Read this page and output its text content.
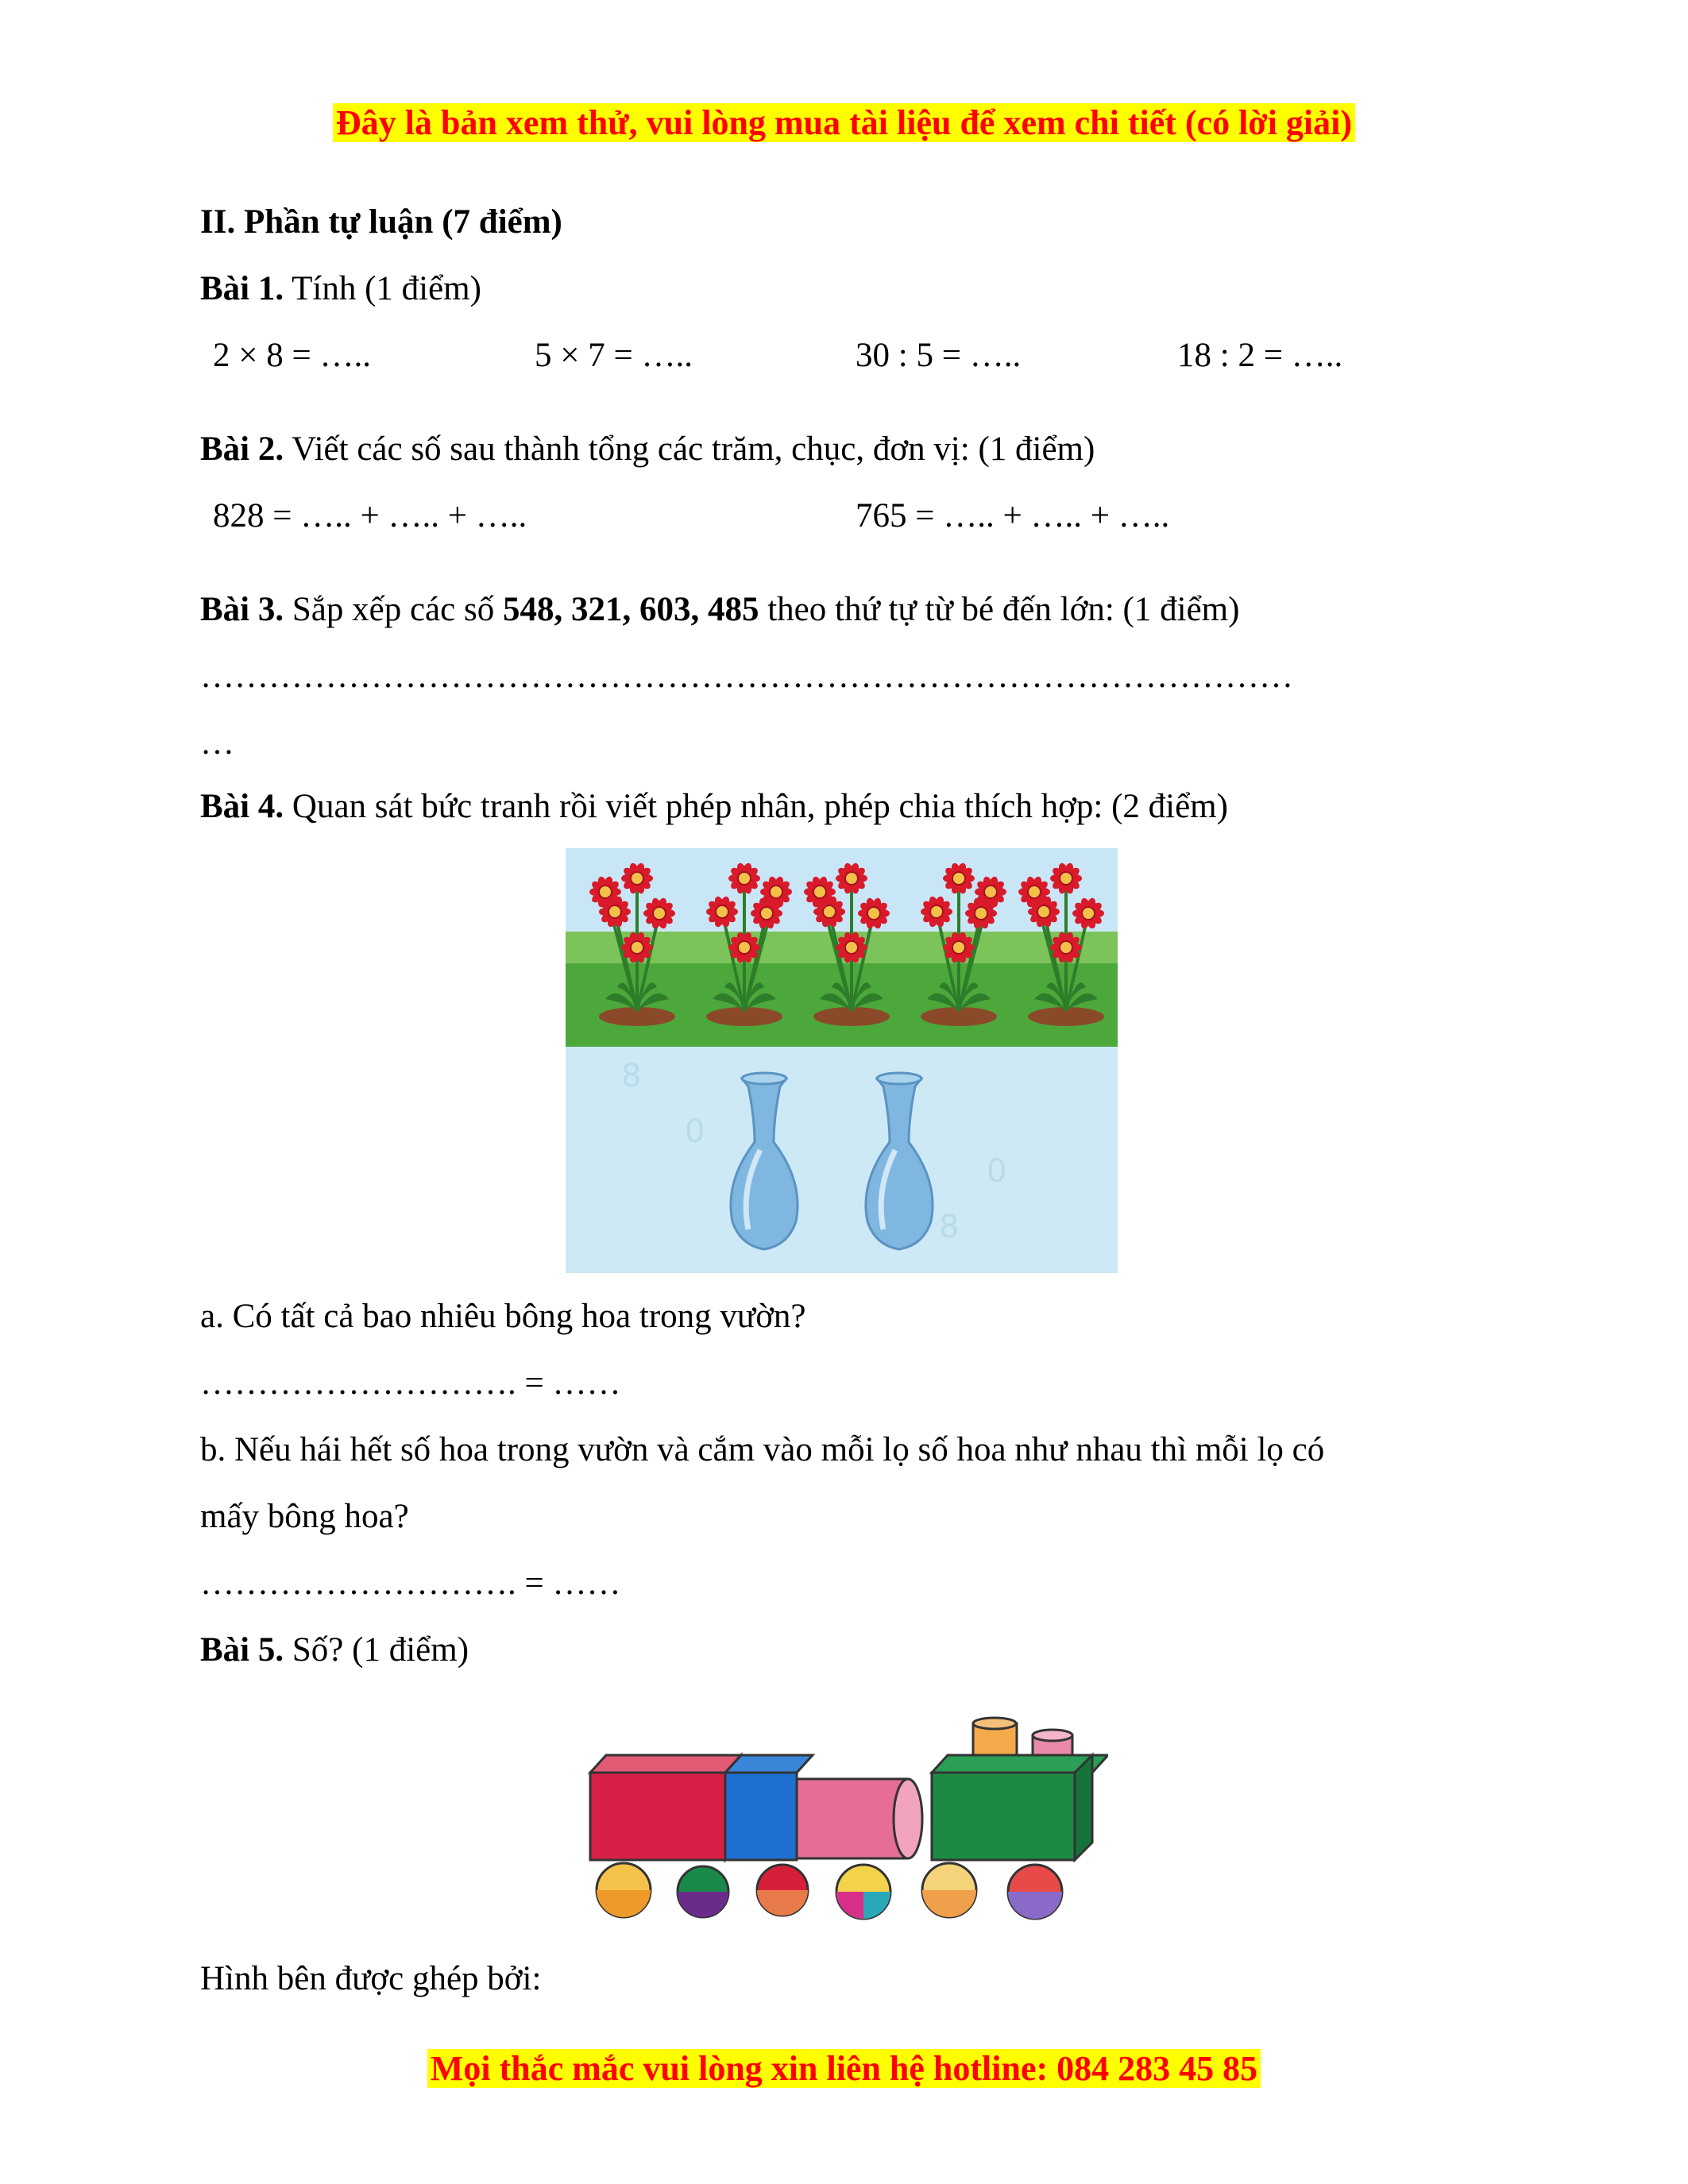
Đây là bản xem thử, vui lòng mua tài liệu để xem chi tiết (có lời giải)
II. Phần tự luận (7 điểm)
Bài 1. Tính (1 điểm)
2 × 8 = …..	5 × 7 = …..	30 : 5 = …..	18 : 2 = …..
Bài 2. Viết các số sau thành tổng các trăm, chục, đơn vị: (1 điểm)
828 = ….. + ….. + …..	765 = ….. + ….. + …..
Bài 3. Sắp xếp các số 548, 321, 603, 485 theo thứ tự từ bé đến lớn: (1 điểm)
……………………………………………………………………………………
…
Bài 4. Quan sát bức tranh rồi viết phép nhân, phép chia thích hợp: (2 điểm)
8
0
0
8
a. Có tất cả bao nhiêu bông hoa trong vườn?
………………………. = ……
b. Nếu hái hết số hoa trong vườn và cắm vào mỗi lọ số hoa như nhau thì mỗi lọ có
mấy bông hoa?
………………………. = ……
Bài 5. Số? (1 điểm)
Hình bên được ghép bởi:
Mọi thắc mắc vui lòng xin liên hệ hotline: 084 283 45 85
